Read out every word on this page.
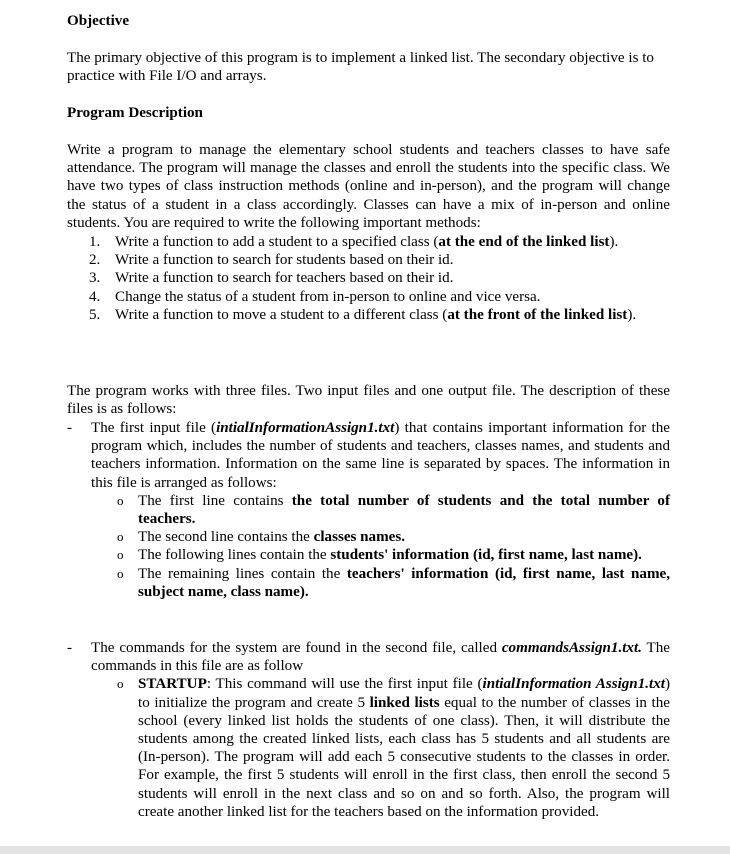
Objective

The primary objective of this program is to implement a linked list. The secondary objective is to practice with File I/O and arrays.

Program Description

Write a program to manage the elementary school students and teachers classes to have safe attendance. The program will manage the classes and enroll the students into the specific class. We have two types of class instruction methods (online and in-person), and the program will change the status of a student in a class accordingly. Classes can have a mix of in-person and online students. You are required to write the following important methods:

1. Write a function to add a student to a specified class (at the end of the linked list).
2. Write a function to search for students based on their id.
3. Write a function to search for teachers based on their id.
4. Change the status of a student from in-person to online and vice versa.
5. Write a function to move a student to a different class (at the front of the linked list).

The program works with three files. Two input files and one output file. The description of these files is as follows:

- The first input file (intialInformationAssign1.txt) that contains important information for the program which, includes the number of students and teachers, classes names, and students and teachers information. Information on the same line is separated by spaces. The information in this file is arranged as follows:

o The first line contains the total number of students and the total number of teachers.
o The second line contains the classes names.
o The following lines contain the students' information (id, first name, last name).
o The remaining lines contain the teachers' information (id, first name, last name, subject name, class name).
- The commands for the system are found in the second file, called commandsAssign1.txt. The commands in this file are as follow

o STARTUP: This command will use the first input file (intialInformation Assign1.txt) to initialize the program and create 5 linked lists equal to the number of classes in the school (every linked list holds the students of one class). Then, it will distribute the students among the created linked lists, each class has 5 students and all students are (In-person). The program will add each 5 consecutive students to the classes in order. For example, the first 5 students will enroll in the first class, then enroll the second 5 students will enroll in the next class and so on and so forth. Also, the program will create another linked list for the teachers based on the information provided.
